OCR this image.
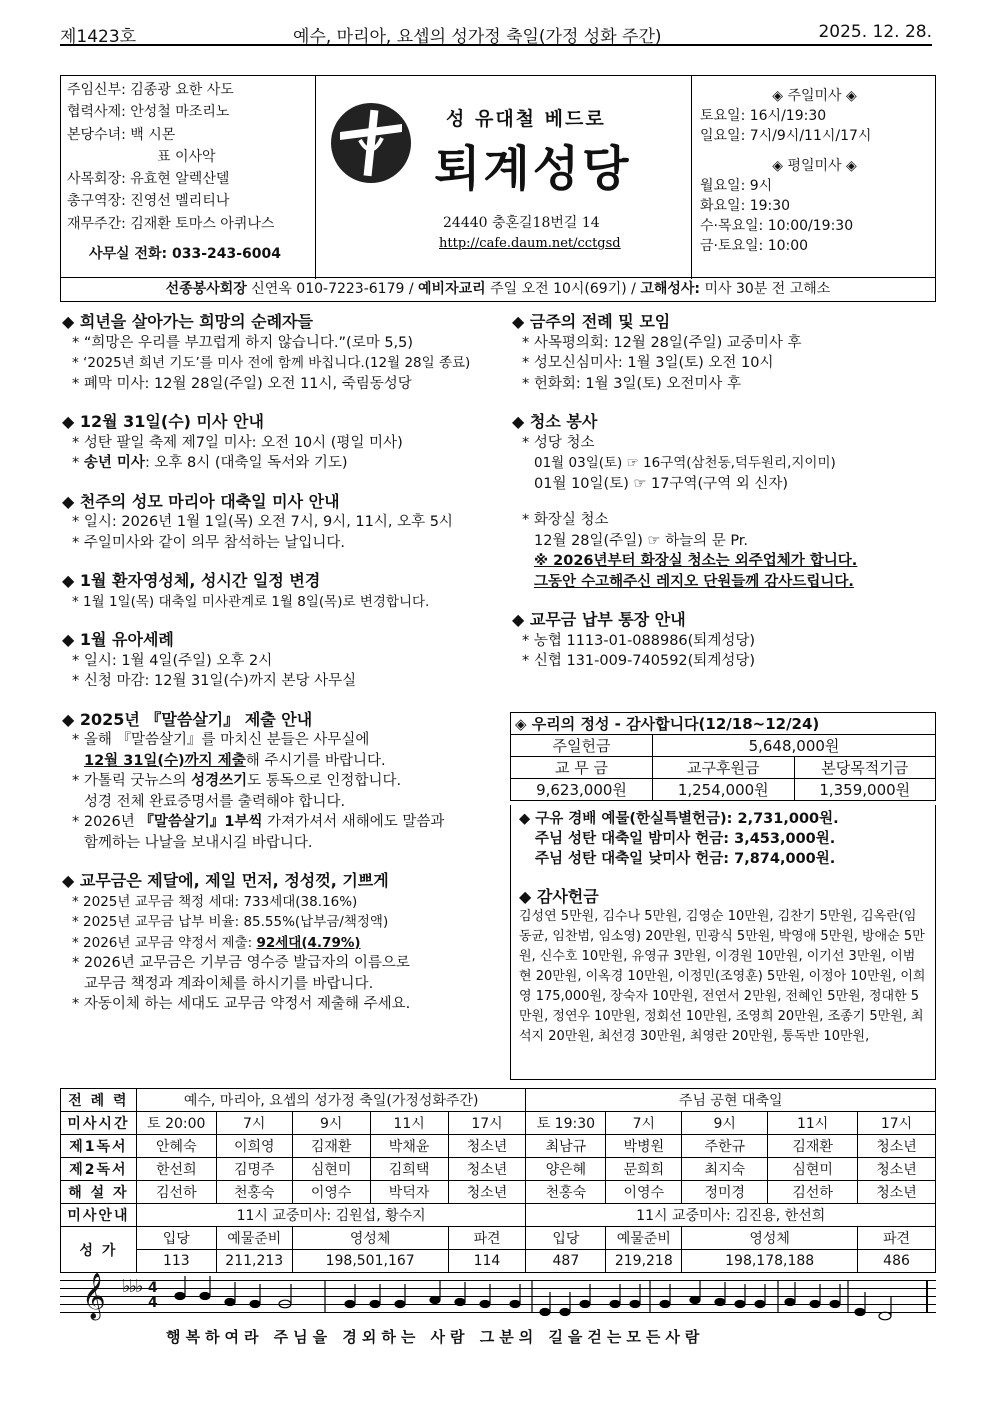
제1423호	예수, 마리아, 요셉의 성가정 축일(가정 성화 주간)	2025. 12. 28.
주임신부: 김종광 요한 사도
협력사제: 안성철 마조리노
본당수녀: 백 시몬
표 이사악
사목회장: 유효현 알렉산델
총구역장: 진영선 멜리티나
재무주간: 김재환 토마스 아퀴나스
사무실 전화: 033-243-6004
성 유대철 베드로
퇴계성당
24440 충혼길18번길 14
http://cafe.daum.net/cctgsd
◈ 주일미사 ◈
토요일: 16시/19:30
일요일: 7시/9시/11시/17시
◈ 평일미사 ◈
월요일: 9시
화요일: 19:30
수·목요일: 10:00/19:30
금·토요일: 10:00
선종봉사회장 신연옥 010-7223-6179 / 예비자교리 주일 오전 10시(69기) / 고해성사: 미사 30분 전 고해소
◆ 희년을 살아가는 희망의 순례자들
* “희망은 우리를 부끄럽게 하지 않습니다.”(로마 5,5)
* ‘2025년 희년 기도’를 미사 전에 함께 바칩니다.(12월 28일 종료)
* 폐막 미사: 12월 28일(주일) 오전 11시, 죽림동성당
◆ 12월 31일(수) 미사 안내
* 성탄 팔일 축제 제7일 미사: 오전 10시 (평일 미사)
* 송년 미사: 오후 8시 (대축일 독서와 기도)
◆ 천주의 성모 마리아 대축일 미사 안내
* 일시: 2026년 1월 1일(목) 오전 7시, 9시, 11시, 오후 5시
* 주일미사와 같이 의무 참석하는 날입니다.
◆ 1월 환자영성체, 성시간 일정 변경
* 1월 1일(목) 대축일 미사관계로 1월 8일(목)로 변경합니다.
◆ 1월 유아세례
* 일시: 1월 4일(주일) 오후 2시
* 신청 마감: 12월 31일(수)까지 본당 사무실
◆ 2025년 『말씀살기』 제출 안내
* 올해 『말씀살기』를 마치신 분들은 사무실에
12월 31일(수)까지 제출해 주시기를 바랍니다.
* 가톨릭 굿뉴스의 성경쓰기도 통독으로 인정합니다.
성경 전체 완료증명서를 출력해야 합니다.
* 2026년 『말씀살기』1부씩 가져가셔서 새해에도 말씀과
함께하는 나날을 보내시길 바랍니다.
◆ 교무금은 제달에, 제일 먼저, 정성껏, 기쁘게
* 2025년 교무금 책정 세대: 733세대(38.16%)
* 2025년 교무금 납부 비율: 85.55%(납부금/책정액)
* 2026년 교무금 약정서 제출: 92세대(4.79%)
* 2026년 교무금은 기부금 영수증 발급자의 이름으로
교무금 책정과 계좌이체를 하시기를 바랍니다.
* 자동이체 하는 세대도 교무금 약정서 제출해 주세요.
◆ 금주의 전례 및 모임
* 사목평의회: 12월 28일(주일) 교중미사 후
* 성모신심미사: 1월 3일(토) 오전 10시
* 헌화회: 1월 3일(토) 오전미사 후
◆ 청소 봉사
* 성당 청소
01월 03일(토) ☞ 16구역(삼천동,덕두원리,지이미)
01월 10일(토) ☞ 17구역(구역 외 신자)
* 화장실 청소
12월 28일(주일) ☞ 하늘의 문 Pr.
※ 2026년부터 화장실 청소는 외주업체가 합니다.
그동안 수고해주신 레지오 단원들께 감사드립니다.
◆ 교무금 납부 통장 안내
* 농협 1113-01-088986(퇴계성당)
* 신협 131-009-740592(퇴계성당)
◈ 우리의 정성 - 감사합니다(12/18~12/24)		
주일헌금	5,648,000원	
교 무 금	교구후원금	본당목적기금
9,623,000원	1,254,000원	1,359,000원
◆ 구유 경배 예물(한실특별헌금): 2,731,000원.
주님 성탄 대축일 밤미사 헌금: 3,453,000원.
주님 성탄 대축일 낮미사 헌금: 7,874,000원.
◆ 감사헌금
김성연 5만원, 김수나 5만원, 김영순 10만원, 김찬기 5만원, 김옥란(임동균, 임찬범, 임소영) 20만원, 민광식 5만원, 박영애 5만원, 방애순 5만원, 신수호 10만원, 유영규 3만원, 이경원 10만원, 이기선 3만원, 이범현 20만원, 이옥경 10만원, 이정민(조영훈) 5만원, 이정아 10만원, 이희영 175,000원, 장숙자 10만원, 전연서 2만원, 전혜인 5만원, 정대한 5만원, 정연우 10만원, 정회선 10만원, 조영희 20만원, 조종기 5만원, 최석지 20만원, 최선경 30만원, 최영란 20만원, 통독반 10만원,
전 례 력	예수, 마리아, 요셉의 성가정 축일(가정성화주간)					주님 공현 대축일				
미사시간	토 20:00	7시	9시	11시	17시	토 19:30	7시	9시	11시	17시
제1독서	안혜숙	이희영	김재환	박채윤	청소년	최남규	박병원	주한규	김재환	청소년
제2독서	한선희	김명주	심현미	김희택	청소년	양은혜	문희희	최지숙	심현미	청소년
해 설 자	김선하	천홍숙	이영수	박덕자	청소년	천홍숙	이영수	정미경	김선하	청소년
미사안내	11시 교중미사: 김원섭, 황수지					11시 교중미사: 김진용, 한선희				
성 가	입당	예물준비	영성체		파견	입당	예물준비	영성체		파견
	113	211,213	198,501,167		114	487	219,218	198,178,188		486
𝄞 ♭♭♭ 4
4
행복하여라 주님을 경외하는 사람 그분의 길을걷는모든사람
